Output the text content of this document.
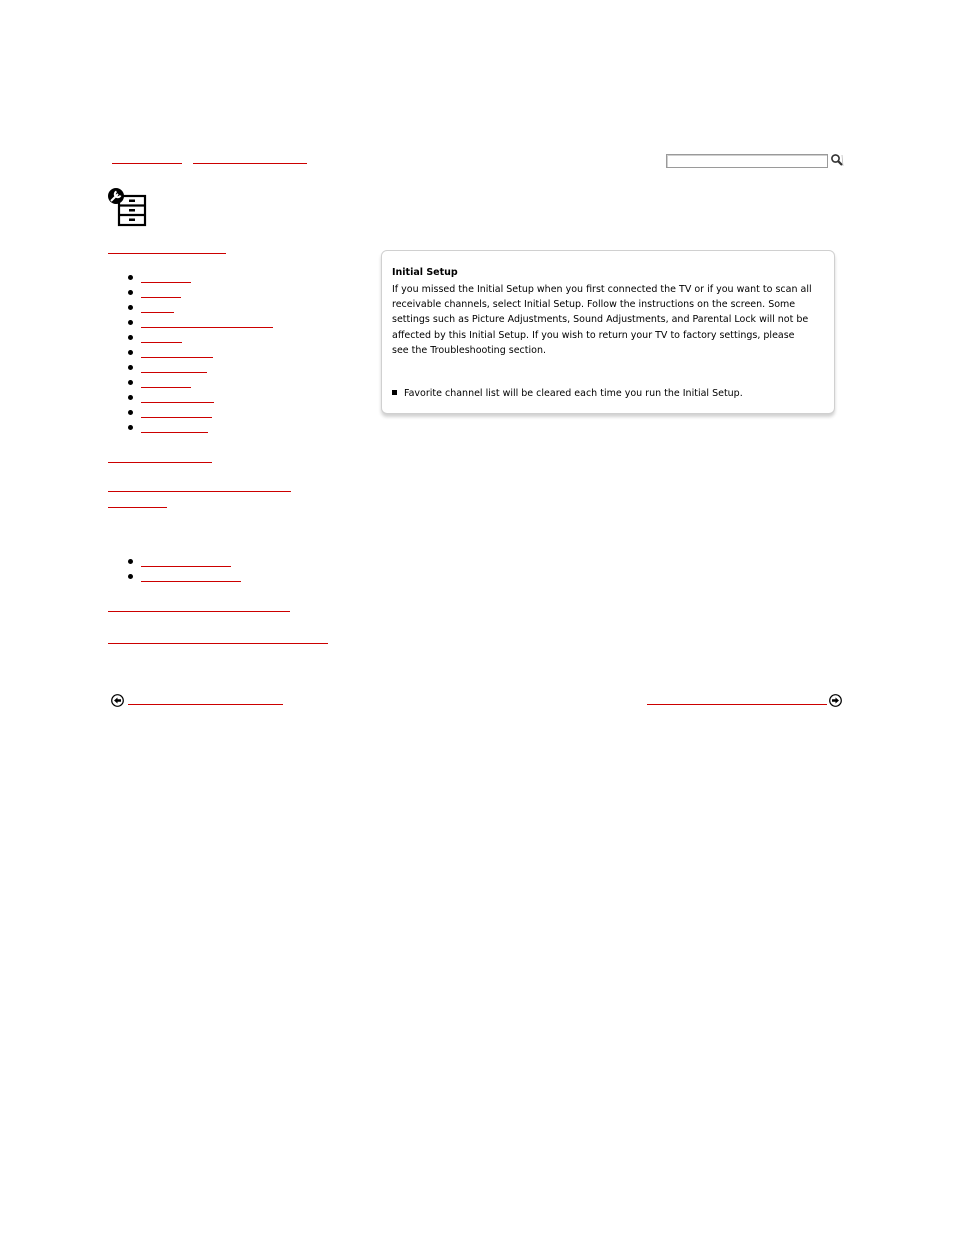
Initial Setup
If you missed the Initial Setup when you first connected the TV or if you want to scan all receivable channels, select Initial Setup. Follow the instructions on the screen. Some settings such as Picture Adjustments, Sound Adjustments, and Parental Lock will not be affected by this Initial Setup. If you wish to return your TV to factory settings, please see the Troubleshooting section.
Favorite channel list will be cleared each time you run the Initial Setup.
